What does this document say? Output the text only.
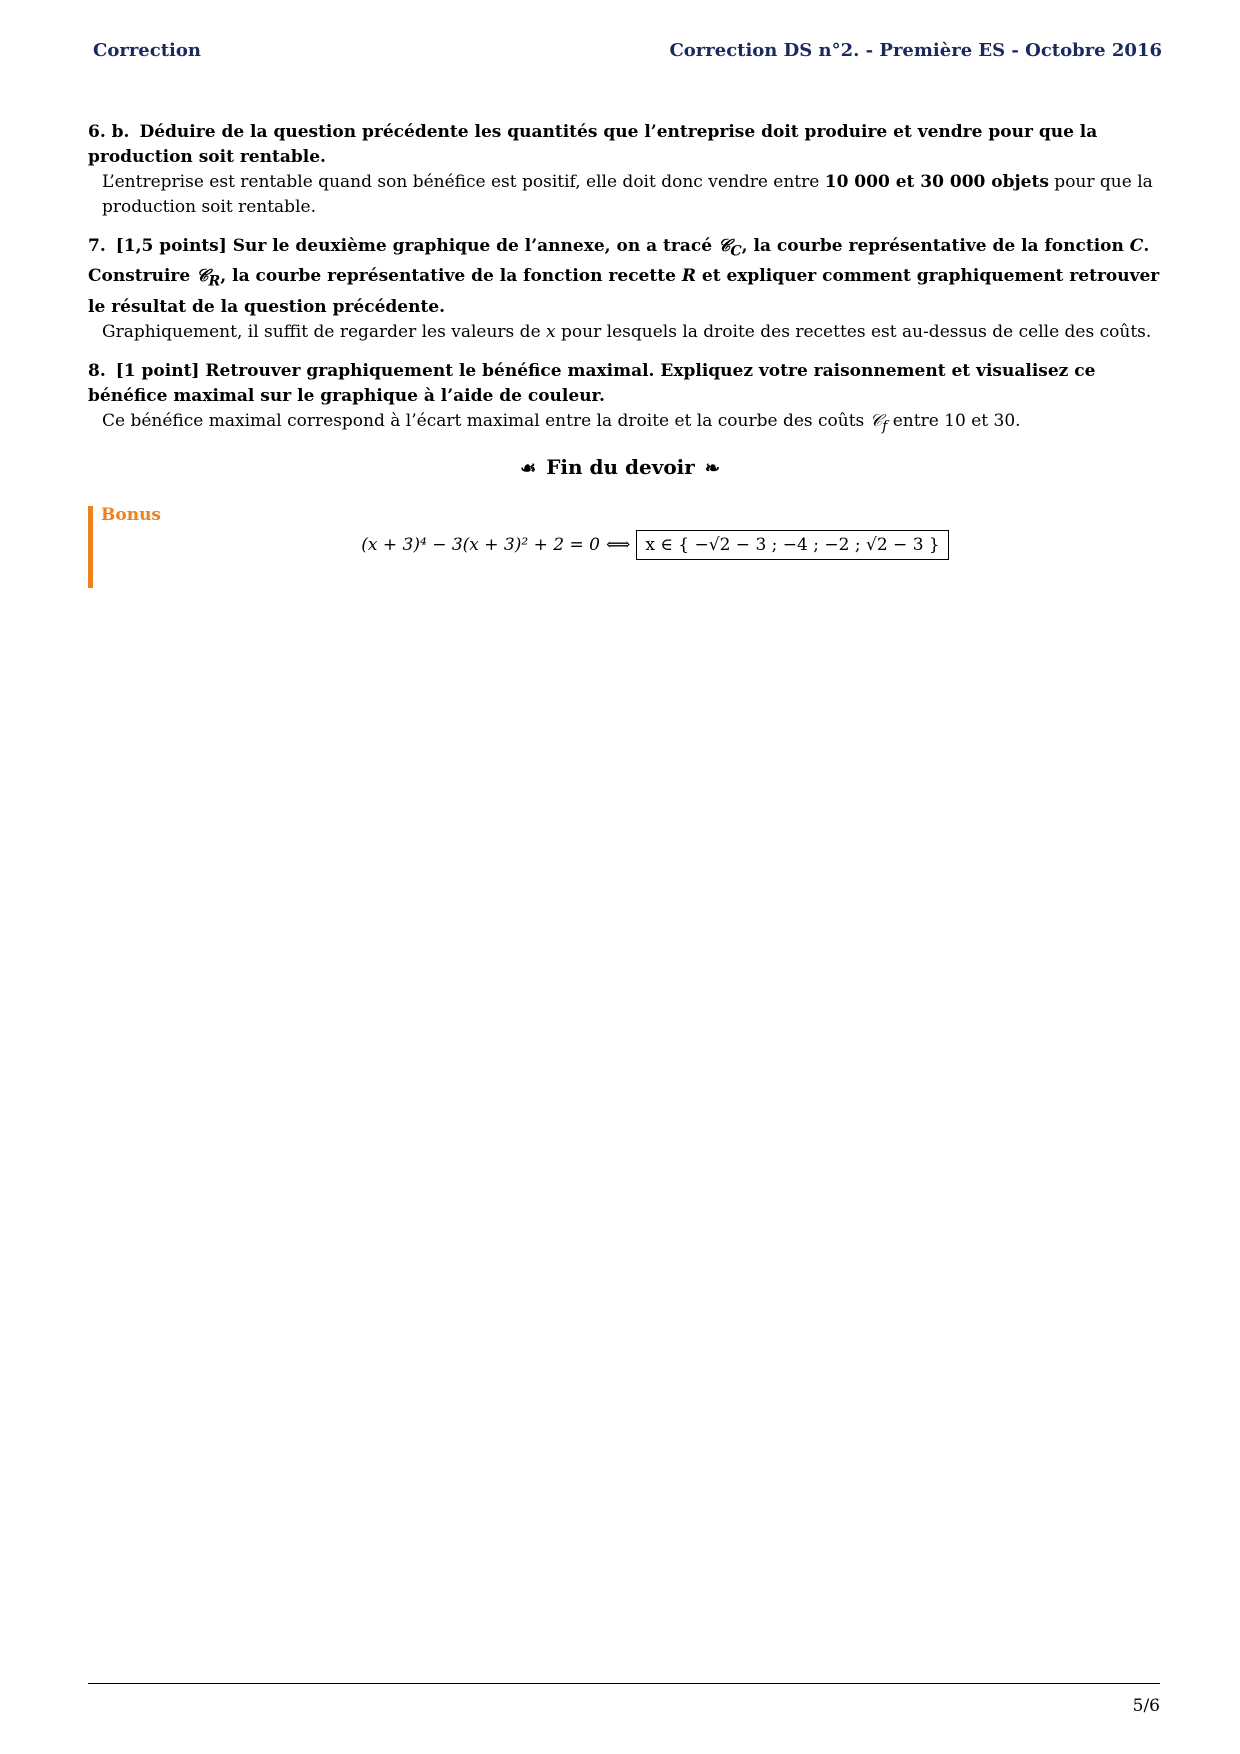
Correction	Correction DS n°2. - Première ES - Octobre 2016
6. b. Déduire de la question précédente les quantités que l’entreprise doit produire et vendre pour que la production soit rentable.
L’entreprise est rentable quand son bénéfice est positif, elle doit donc vendre entre 10 000 et 30 000 objets pour que la production soit rentable.
7. [1,5 points] Sur le deuxième graphique de l’annexe, on a tracé 𝒞$_C$, la courbe représentative de la fonction C. Construire 𝒞$_R$, la courbe représentative de la fonction recette R et expliquer comment graphiquement retrouver le résultat de la question précédente.
Graphiquement, il suffit de regarder les valeurs de x pour lesquels la droite des recettes est au-dessus de celle des coûts.
8. [1 point] Retrouver graphiquement le bénéfice maximal. Expliquez votre raisonnement et visualisez ce bénéfice maximal sur le graphique à l’aide de couleur.
Ce bénéfice maximal correspond à l’écart maximal entre la droite et la courbe des coûts 𝒞$_f$ entre 10 et 30.
☙ Fin du devoir ❧
Bonus
(x + 3)⁴ − 3(x + 3)² + 2 = 0 ⟺ x ∈ { −√2 − 3 ; −4 ; −2 ; √2 − 3 }
5/6
